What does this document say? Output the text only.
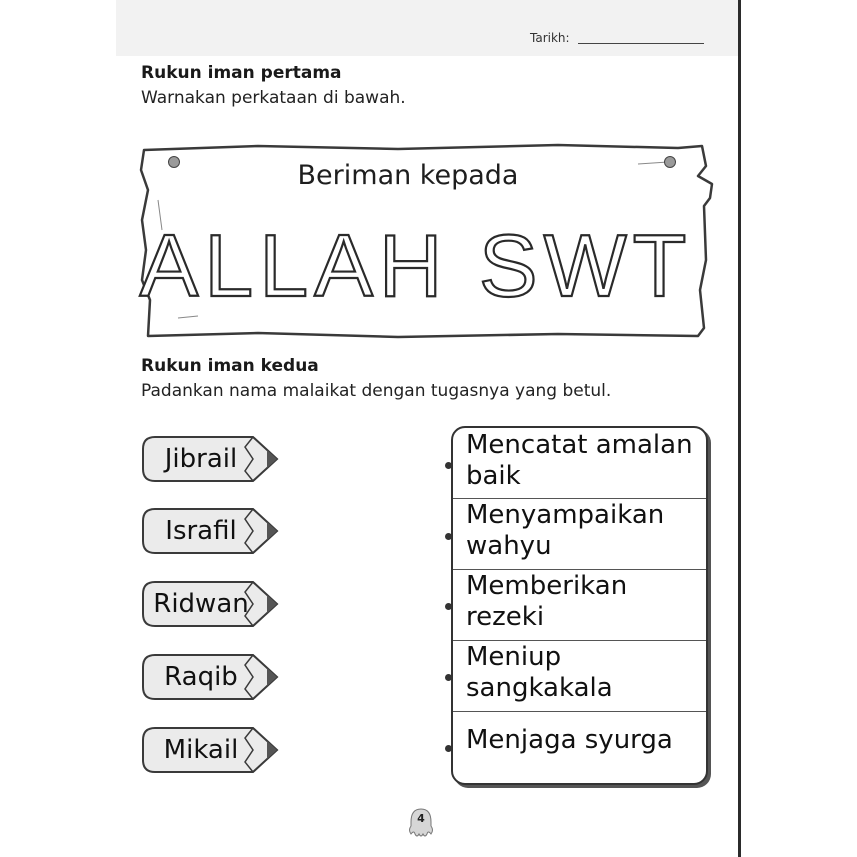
Tarikh:
Rukun iman pertama
Warnakan perkataan di bawah.
ALLAH SWT
Beriman kepada
Rukun iman kedua
Padankan nama malaikat dengan tugasnya yang betul.
Jibrail
Israfil
Ridwan
Raqib
Mikail
Mencatat amalan baik
Menyampaikan wahyu
Memberikan rezeki
Meniup sangkakala
Menjaga syurga
4
